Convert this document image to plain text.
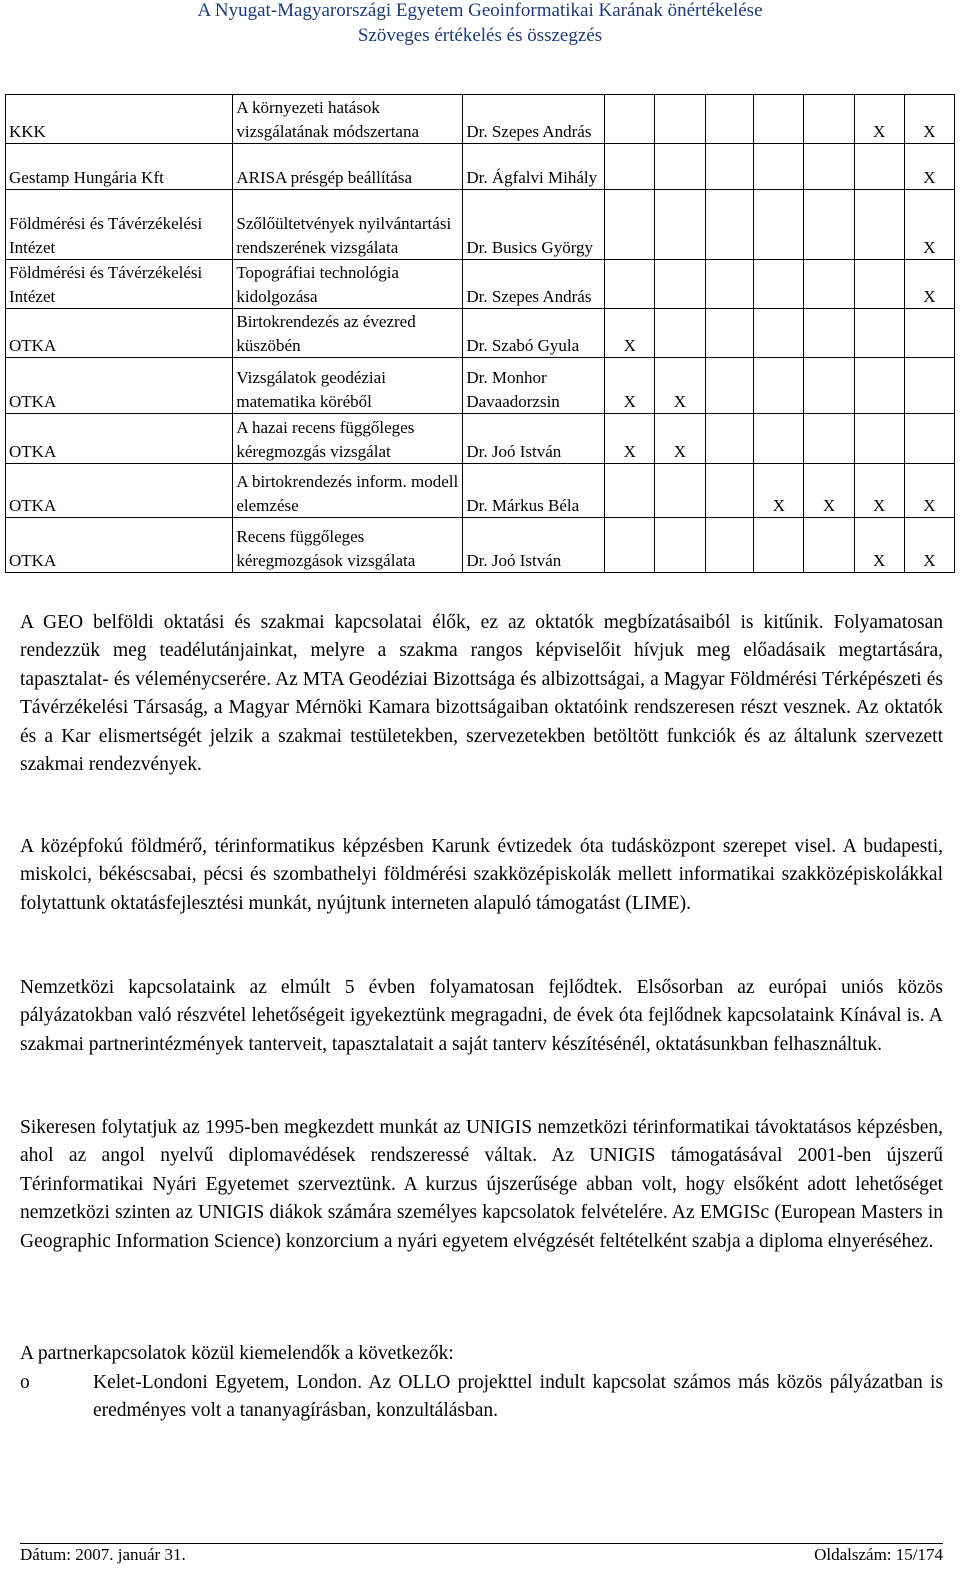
A Nyugat-Magyarországi Egyetem Geoinformatikai Karának önértékelése
Szöveges értékelés és összegzés
KKK	A környezeti hatások vizsgálatának módszertana	Dr. Szepes András						X	X
Gestamp Hungária Kft	ARISA présgép beállítása	Dr. Ágfalvi Mihály							X
Földmérési és Távérzékelési Intézet	Szőlőültetvények nyilvántartási rendszerének vizsgálata	Dr. Busics György							X
Földmérési és Távérzékelési Intézet	Topográfiai technológia kidolgozása	Dr. Szepes András							X
OTKA	Birtokrendezés az évezred küszöbén	Dr. Szabó Gyula	X						
OTKA	Vizsgálatok geodéziai matematika köréből	Dr. Monhor Davaadorzsin	X	X					
OTKA	A hazai recens függőleges kéregmozgás vizsgálat	Dr. Joó István	X	X					
OTKA	A birtokrendezés inform. modell elemzése	Dr. Márkus Béla				X	X	X	X
OTKA	Recens függőleges kéregmozgások vizsgálata	Dr. Joó István						X	X

A GEO belföldi oktatási és szakmai kapcsolatai élők, ez az oktatók megbízatásaiból is kitűnik. Folyamatosan rendezzük meg teadélutánjainkat, melyre a szakma rangos képviselőit hívjuk meg előadásaik megtartására, tapasztalat- és véleménycserére. Az MTA Geodéziai Bizottsága és albizottságai, a Magyar Földmérési Térképészeti és Távérzékelési Társaság, a Magyar Mérnöki Kamara bizottságaiban oktatóink rendszeresen részt vesznek. Az oktatók és a Kar elismertségét jelzik a szakmai testületekben, szervezetekben betöltött funkciók és az általunk szervezett szakmai rendezvények.

A középfokú földmérő, térinformatikus képzésben Karunk évtizedek óta tudásközpont szerepet visel. A budapesti, miskolci, békéscsabai, pécsi és szombathelyi földmérési szakközépiskolák mellett informatikai szakközépiskolákkal folytattunk oktatásfejlesztési munkát, nyújtunk interneten alapuló támogatást (LIME).

Nemzetközi kapcsolataink az elmúlt 5 évben folyamatosan fejlődtek. Elsősorban az európai uniós közös pályázatokban való részvétel lehetőségeit igyekeztünk megragadni, de évek óta fejlődnek kapcsolataink Kínával is. A szakmai partnerintézmények tanterveit, tapasztalatait a saját tanterv készítésénél, oktatásunkban felhasználtuk.

Sikeresen folytatjuk az 1995-ben megkezdett munkát az UNIGIS nemzetközi térinformatikai távoktatásos képzésben, ahol az angol nyelvű diplomavédések rendszeressé váltak. Az UNIGIS támogatásával 2001-ben újszerű Térinformatikai Nyári Egyetemet szerveztünk. A kurzus újszerűsége abban volt, hogy elsőként adott lehetőséget nemzetközi szinten az UNIGIS diákok számára személyes kapcsolatok felvételére. Az EMGISc (European Masters in Geographic Information Science) konzorcium a nyári egyetem elvégzését feltételként szabja a diploma elnyeréséhez.

A partnerkapcsolatok közül kiemelendők a következők:

o	Kelet-Londoni Egyetem, London. Az OLLO projekttel indult kapcsolat számos más közös pályázatban is eredményes volt a tananyagírásban, konzultálásban.
Dátum: 2007. január 31.	Oldalszám: 15/174
